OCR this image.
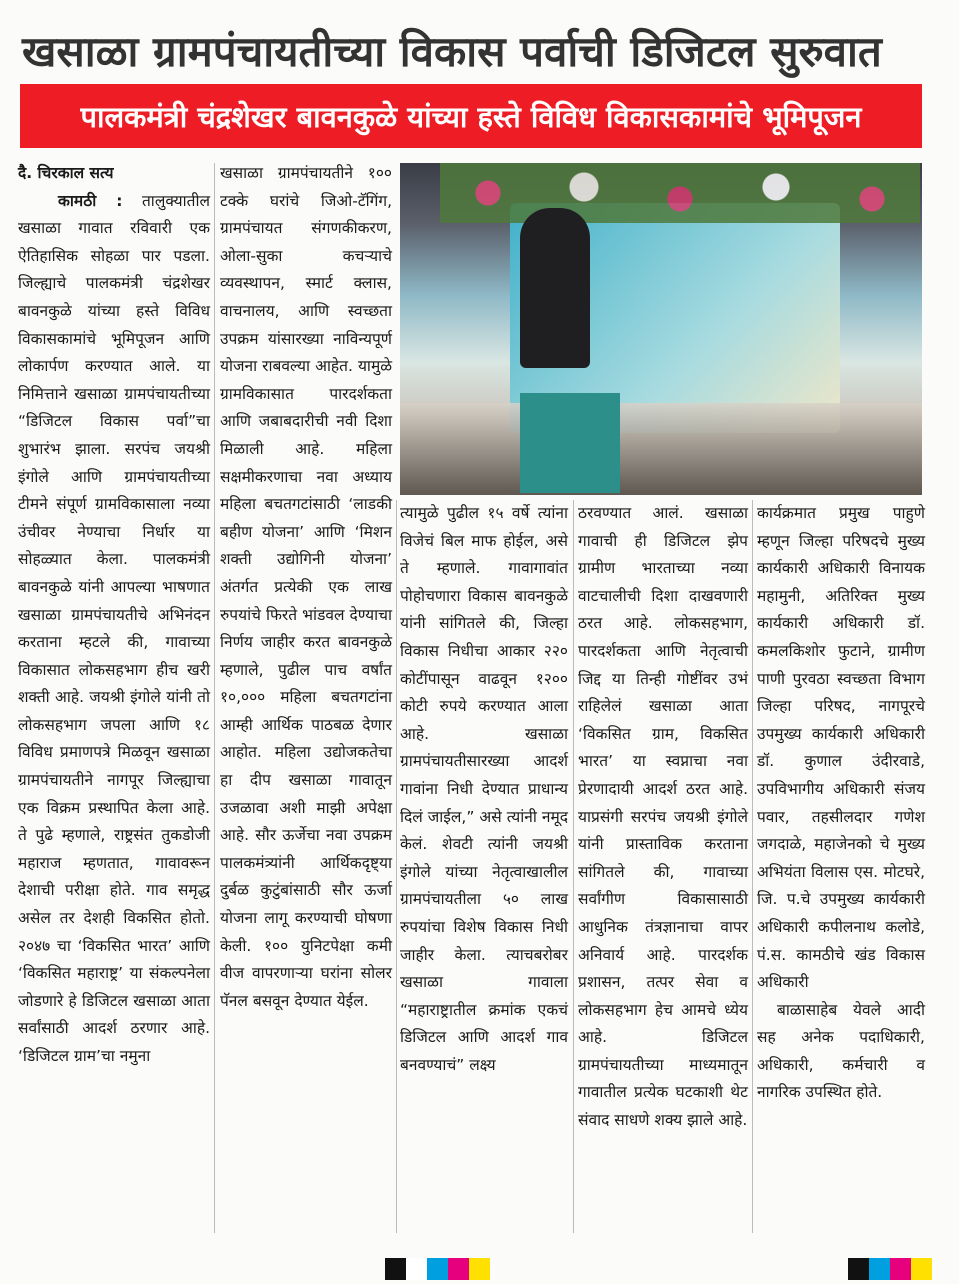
खसाळा ग्रामपंचायतीच्या विकास पर्वाची डिजिटल सुरुवात
पालकमंत्री चंद्रशेखर बावनकुळे यांच्या हस्ते विविध विकासकामांचे भूमिपूजन

दै. चिरकाल सत्य

कामठी : तालुक्यातील खसाळा गावात रविवारी एक ऐतिहासिक सोहळा पार पडला. जिल्ह्याचे पालकमंत्री चंद्रशेखर बावनकुळे यांच्या हस्ते विविध विकासकामांचे भूमिपूजन आणि लोकार्पण करण्यात आले. या निमित्ताने खसाळा ग्रामपंचायतीच्या “डिजिटल विकास पर्वा”चा शुभारंभ झाला. सरपंच जयश्री इंगोले आणि ग्रामपंचायतीच्या टीमने संपूर्ण ग्रामविकासाला नव्या उंचीवर नेण्याचा निर्धार या सोहळ्यात केला. पालकमंत्री बावनकुळे यांनी आपल्या भाषणात खसाळा ग्रामपंचायतीचे अभिनंदन करताना म्हटले की, गावाच्या विकासात लोकसहभाग हीच खरी शक्ती आहे. जयश्री इंगोले यांनी तो लोकसहभाग जपला आणि १८ विविध प्रमाणपत्रे मिळवून खसाळा ग्रामपंचायतीने नागपूर जिल्ह्याचा एक विक्रम प्रस्थापित केला आहे. ते पुढे म्हणाले, राष्ट्रसंत तुकडोजी महाराज म्हणतात, गावावरून देशाची परीक्षा होते. गाव समृद्ध असेल तर देशही विकसित होतो. २०४७ चा ‘विकसित भारत’ आणि ‘विकसित महाराष्ट्र’ या संकल्पनेला जोडणारे हे डिजिटल खसाळा आता सर्वांसाठी आदर्श ठरणार आहे. ‘डिजिटल ग्राम’चा नमुना

खसाळा ग्रामपंचायतीने १०० टक्के घरांचे जिओ-टॅगिंग, ग्रामपंचायत संगणकीकरण, ओला-सुका कचऱ्याचे व्यवस्थापन, स्मार्ट क्लास, वाचनालय, आणि स्वच्छता उपक्रम यांसारख्या नाविन्यपूर्ण योजना राबवल्या आहेत. यामुळे ग्रामविकासात पारदर्शकता आणि जबाबदारीची नवी दिशा मिळाली आहे. महिला सक्षमीकरणाचा नवा अध्याय महिला बचतगटांसाठी ‘लाडकी बहीण योजना’ आणि ‘मिशन शक्ती उद्योगिनी योजना’ अंतर्गत प्रत्येकी एक लाख रुपयांचे फिरते भांडवल देण्याचा निर्णय जाहीर करत बावनकुळे म्हणाले, पुढील पाच वर्षांत १०,००० महिला बचतगटांना आम्ही आर्थिक पाठबळ देणार आहोत. महिला उद्योजकतेचा हा दीप खसाळा गावातून उजळावा अशी माझी अपेक्षा आहे. सौर ऊर्जेचा नवा उपक्रम पालकमंत्र्यांनी आर्थिकदृष्ट्या दुर्बळ कुटुंबांसाठी सौर ऊर्जा योजना लागू करण्याची घोषणा केली. १०० युनिटपेक्षा कमी वीज वापरणाऱ्या घरांना सोलर पॅनल बसवून देण्यात येईल.

त्यामुळे पुढील १५ वर्षे त्यांना विजेचं बिल माफ होईल, असे ते म्हणाले. गावागावांत पोहोचणारा विकास बावनकुळे यांनी सांगितले की, जिल्हा विकास निधीचा आकार २२० कोटींपासून वाढवून १२०० कोटी रुपये करण्यात आला आहे. खसाळा ग्रामपंचायतीसारख्या आदर्श गावांना निधी देण्यात प्राधान्य दिलं जाईल,” असे त्यांनी नमूद केलं. शेवटी त्यांनी जयश्री इंगोले यांच्या नेतृत्वाखालील ग्रामपंचायतीला ५० लाख रुपयांचा विशेष विकास निधी जाहीर केला. त्याचबरोबर खसाळा गावाला “महाराष्ट्रातील क्रमांक एकचं डिजिटल आणि आदर्श गाव बनवण्याचं” लक्ष्य

ठरवण्यात आलं. खसाळा गावाची ही डिजिटल झेप ग्रामीण भारताच्या नव्या वाटचालीची दिशा दाखवणारी ठरत आहे. लोकसहभाग, पारदर्शकता आणि नेतृत्वाची जिद्द या तिन्ही गोष्टींवर उभं राहिलेलं खसाळा आता ‘विकसित ग्राम, विकसित भारत’ या स्वप्नाचा नवा प्रेरणादायी आदर्श ठरत आहे. याप्रसंगी सरपंच जयश्री इंगोले यांनी प्रास्ताविक करताना सांगितले की, गावाच्या सर्वांगीण विकासासाठी आधुनिक तंत्रज्ञानाचा वापर अनिवार्य आहे. पारदर्शक प्रशासन, तत्पर सेवा व लोकसहभाग हेच आमचे ध्येय आहे. डिजिटल ग्रामपंचायतीच्या माध्यमातून गावातील प्रत्येक घटकाशी थेट संवाद साधणे शक्य झाले आहे.

कार्यक्रमात प्रमुख पाहुणे म्हणून जिल्हा परिषदचे मुख्य कार्यकारी अधिकारी विनायक महामुनी, अतिरिक्त मुख्य कार्यकारी अधिकारी डॉ. कमलकिशोर फुटाने, ग्रामीण पाणी पुरवठा स्वच्छता विभाग जिल्हा परिषद, नागपूरचे उपमुख्य कार्यकारी अधिकारी डॉ. कुणाल उंदीरवाडे, उपविभागीय अधिकारी संजय पवार, तहसीलदार गणेश जगदाळे, महाजेनको चे मुख्य अभियंता विलास एस. मोटघरे, जि. प.चे उपमुख्य कार्यकारी अधिकारी कपीलनाथ कलोडे, पं.स. कामठीचे खंड विकास अधिकारी

बाळासाहेब येवले आदी सह अनेक पदाधिकारी, अधिकारी, कर्मचारी व नागरिक उपस्थित होते.
